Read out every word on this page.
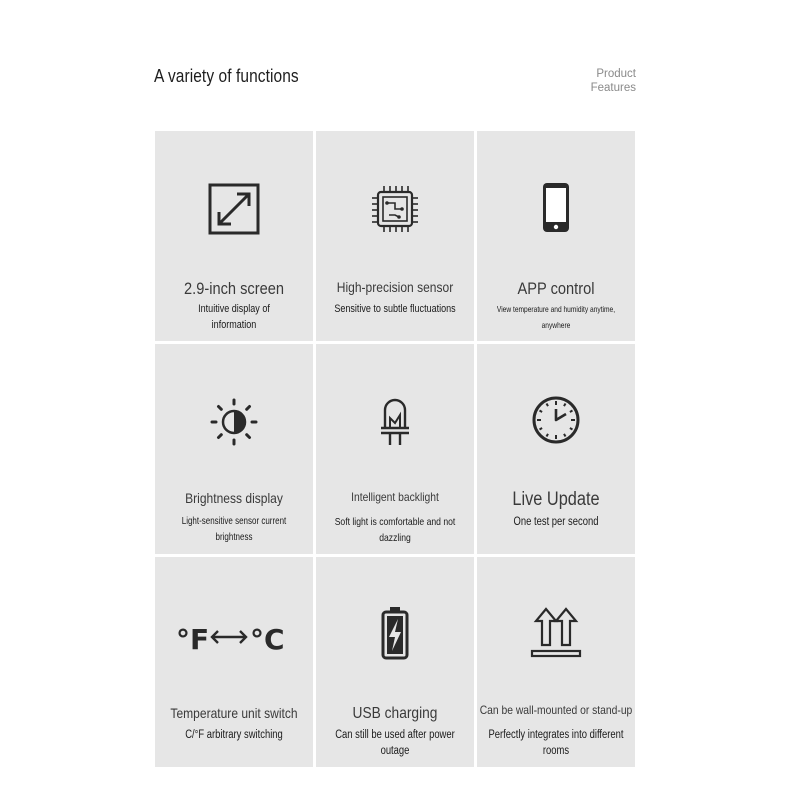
A variety of functions	Product
Features
2.9-inch screen
Intuitive display of
information
High-precision sensor
Sensitive to subtle fluctuations
APP control
View temperature and humidity anytime, anywhere
Brightness display
Light-sensitive sensor current brightness
Intelligent backlight
Soft light is comfortable and not dazzling
Live Update
One test per second
°F °C
Temperature unit switch
C/°F arbitrary switching
USB charging
Can still be used after power outage
Can be wall-mounted or stand-up
Perfectly integrates into different rooms
